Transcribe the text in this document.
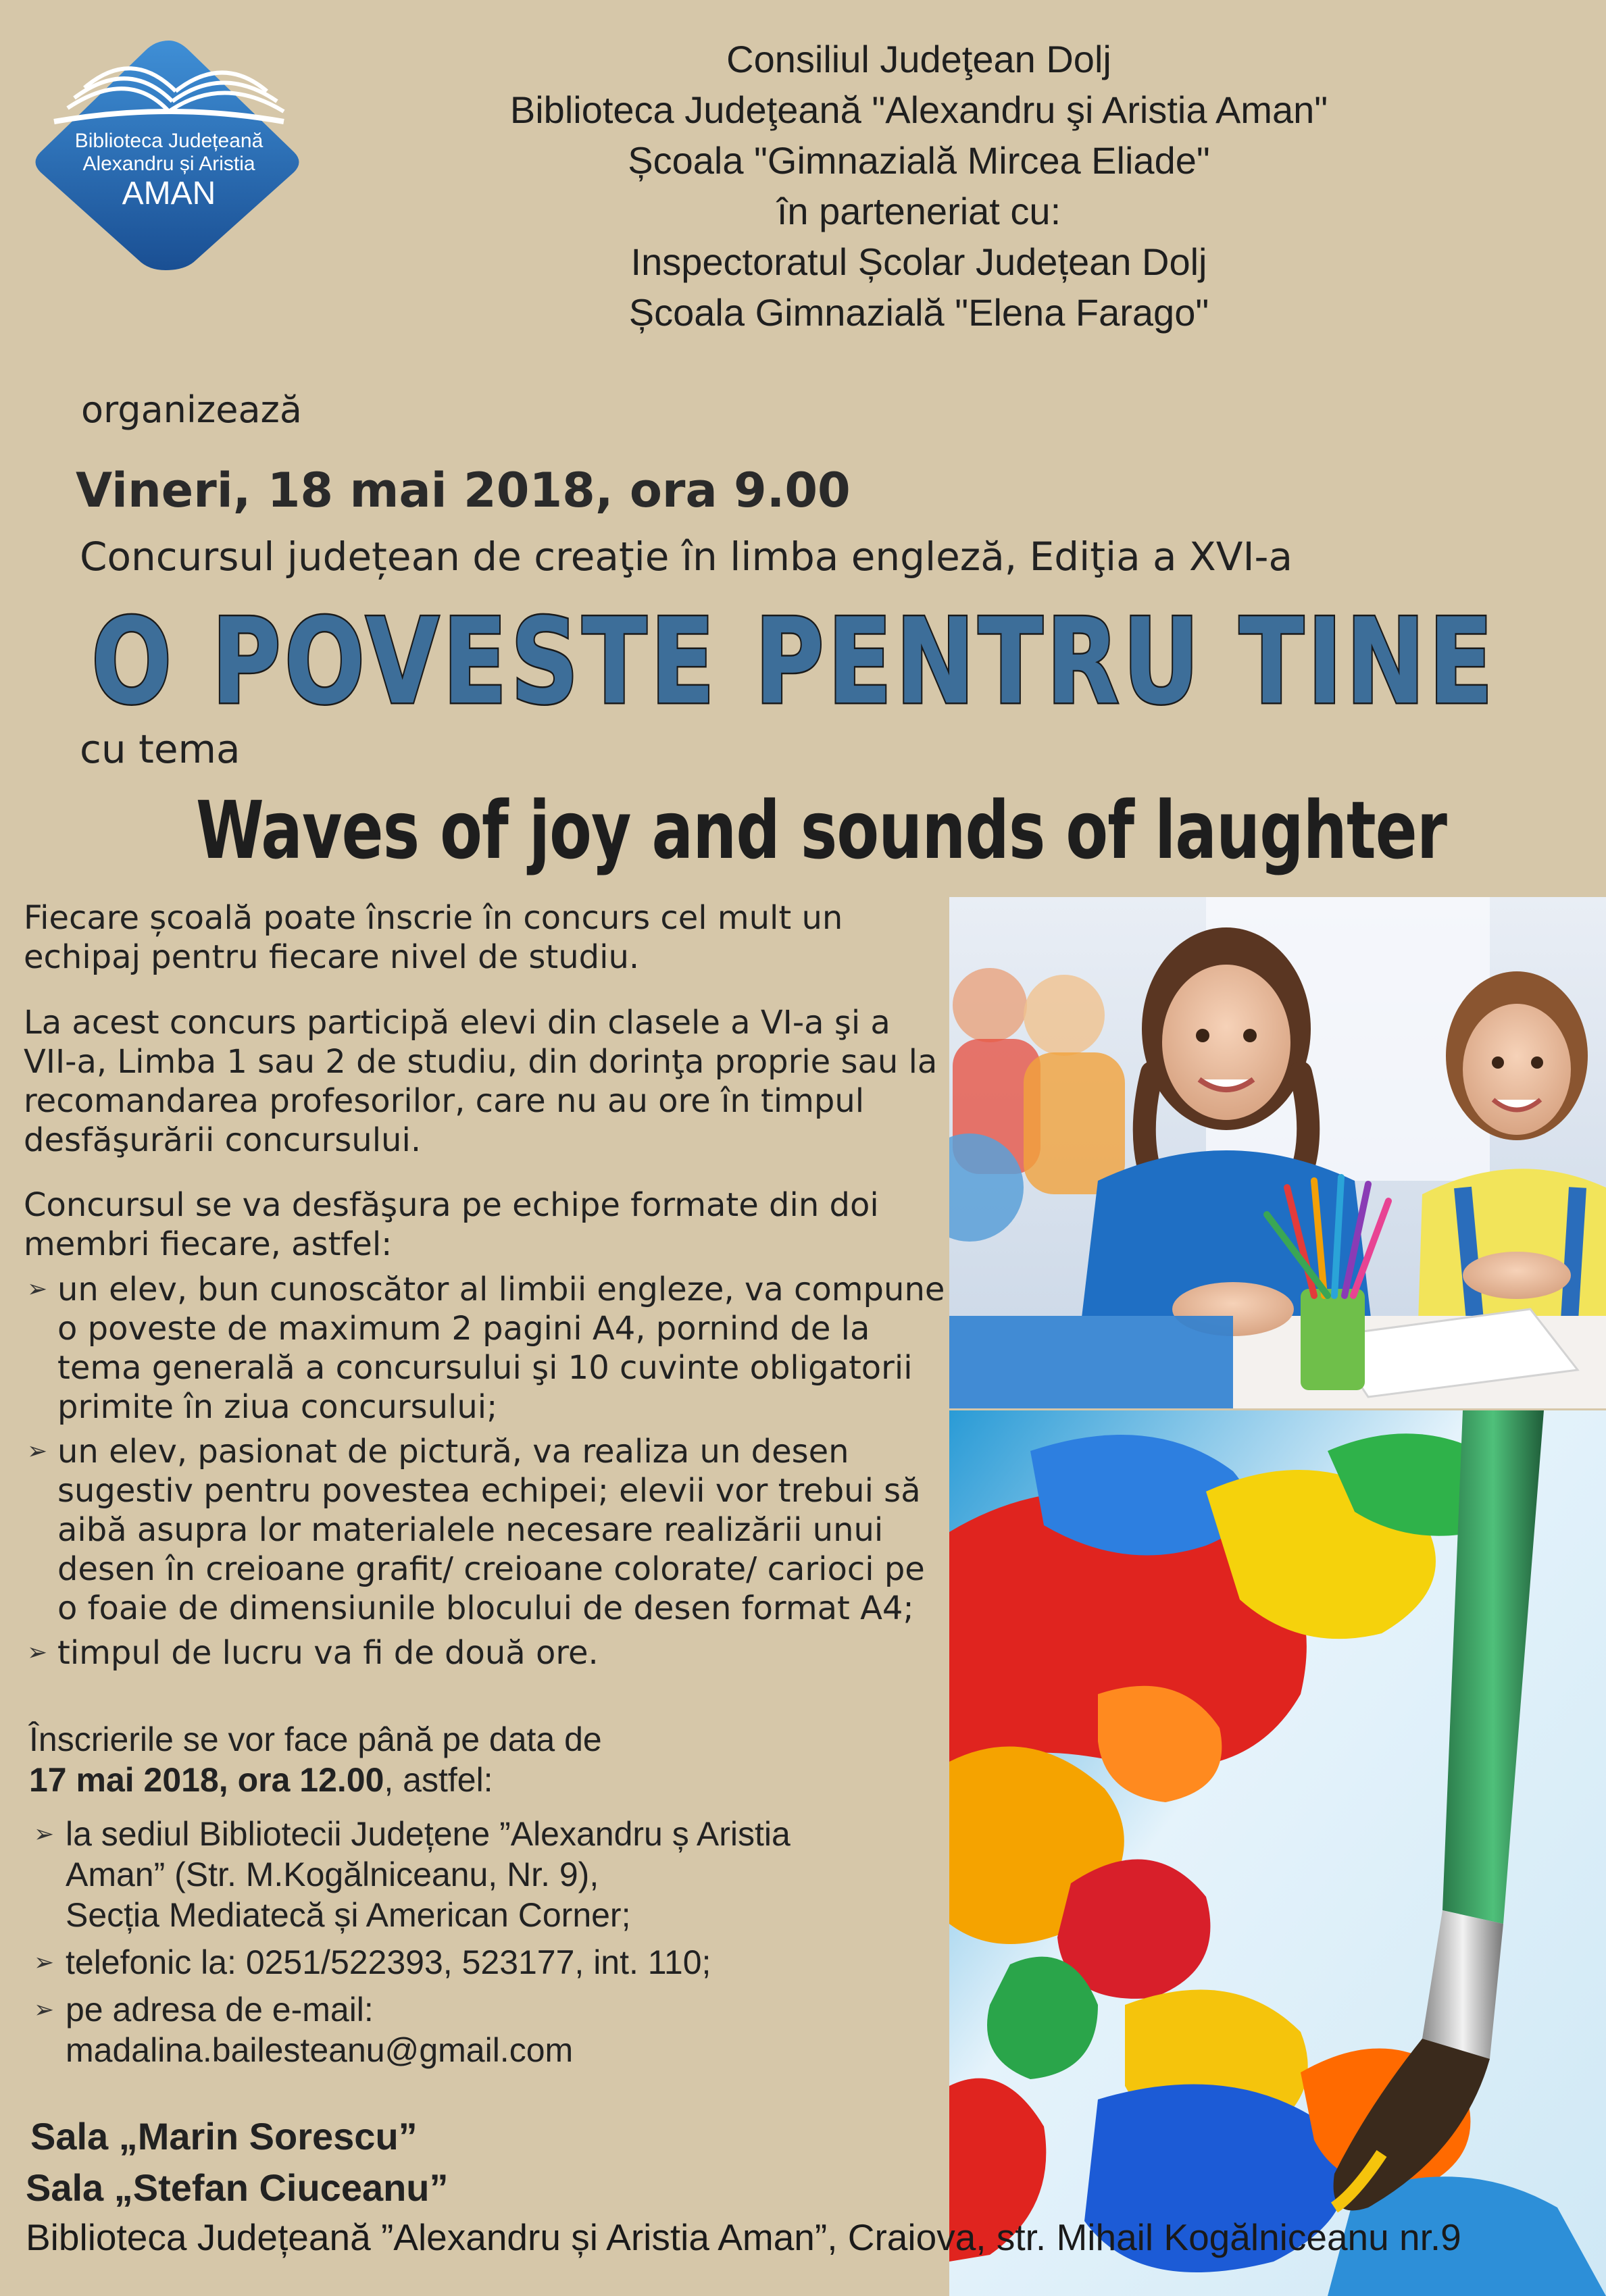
Biblioteca Județeană
Alexandru și Aristia
AMAN
Consiliul Judeţean Dolj
Biblioteca Judeţeană "Alexandru şi Aristia Aman"
Școala "Gimnazială Mircea Eliade"
în parteneriat cu:
Inspectoratul Școlar Județean Dolj
Școala Gimnazială "Elena Farago"
organizează
Vineri, 18 mai 2018, ora 9.00
Concursul județean de creaţie în limba engleză, Ediţia a XVI-a
O POVESTE PENTRU TINE
cu tema
Waves of joy and sounds of laughter
Fiecare școală poate înscrie în concurs cel mult un
echipaj pentru fiecare nivel de studiu.
La acest concurs participă elevi din clasele a VI-a şi a
VII-a, Limba 1 sau 2 de studiu, din dorinţa proprie sau la
recomandarea profesorilor, care nu au ore în timpul
desfăşurării concursului.
Concursul se va desfăşura pe echipe formate din doi
membri fiecare, astfel:
➢ un elev, bun cunoscător al limbii engleze, va compune
o poveste de maximum 2 pagini A4, pornind de la
tema generală a concursului şi 10 cuvinte obligatorii
primite în ziua concursului;
➢ un elev, pasionat de pictură, va realiza un desen
sugestiv pentru povestea echipei; elevii vor trebui să
aibă asupra lor materialele necesare realizării unui
desen în creioane grafit/ creioane colorate/ carioci pe
o foaie de dimensiunile blocului de desen format A4;
➢ timpul de lucru va fi de două ore.
Înscrierile se vor face până pe data de
17 mai 2018, ora 12.00, astfel:
➢ la sediul Bibliotecii Județene ”Alexandru ș Aristia
Aman” (Str. M.Kogălniceanu, Nr. 9),
Secția Mediatecă și American Corner;
➢ telefonic la: 0251/522393, 523177, int. 110;
➢ pe adresa de e-mail:
madalina.bailesteanu@gmail.com
Sala „Marin Sorescu”
Sala „Stefan Ciuceanu”
Biblioteca Județeană ”Alexandru și Aristia Aman”, Craiova, str. Mihail Kogălniceanu nr.9
